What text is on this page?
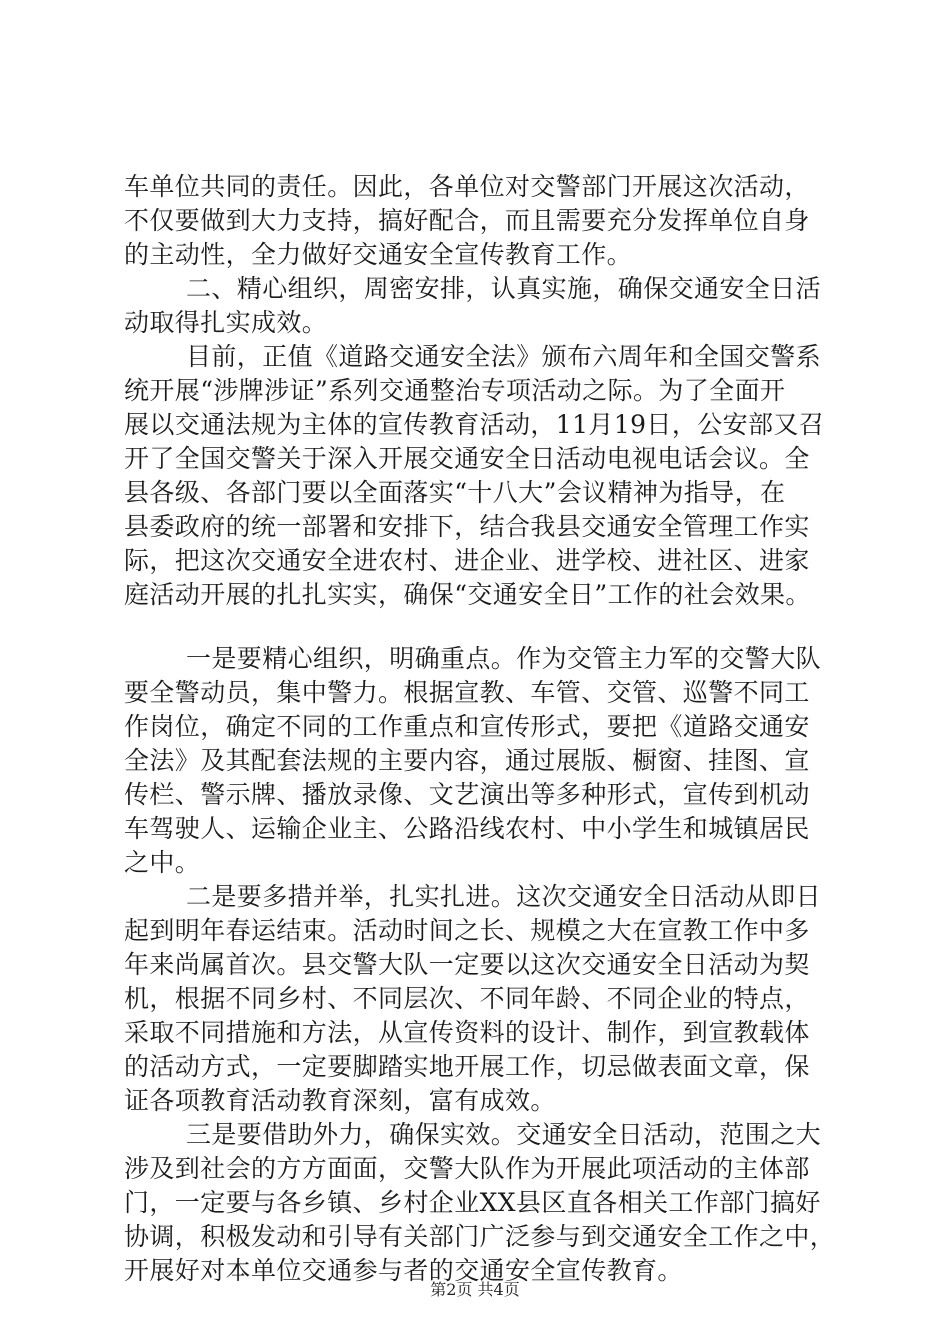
车单位共同的责任。因此，各单位对交警部门开展这次活动，
不仅要做到大力支持，搞好配合，而且需要充分发挥单位自身
的主动性，全力做好交通安全宣传教育工作。
二、精心组织，周密安排，认真实施，确保交通安全日活
动取得扎实成效。
目前，正值《道路交通安全法》颁布六周年和全国交警系
统开展“涉牌涉证”系列交通整治专项活动之际。为了全面开
展以交通法规为主体的宣传教育活动，11月19日，公安部又召
开了全国交警关于深入开展交通安全日活动电视电话会议。全
县各级、各部门要以全面落实“十八大”会议精神为指导，在
县委政府的统一部署和安排下，结合我县交通安全管理工作实
际，把这次交通安全进农村、进企业、进学校、进社区、进家
庭活动开展的扎扎实实，确保“交通安全日”工作的社会效果。
一是要精心组织，明确重点。作为交管主力军的交警大队
要全警动员，集中警力。根据宣教、车管、交管、巡警不同工
作岗位，确定不同的工作重点和宣传形式，要把《道路交通安
全法》及其配套法规的主要内容，通过展版、橱窗、挂图、宣
传栏、警示牌、播放录像、文艺演出等多种形式，宣传到机动
车驾驶人、运输企业主、公路沿线农村、中小学生和城镇居民
之中。
二是要多措并举，扎实扎进。这次交通安全日活动从即日
起到明年春运结束。活动时间之长、规模之大在宣教工作中多
年来尚属首次。县交警大队一定要以这次交通安全日活动为契
机，根据不同乡村、不同层次、不同年龄、不同企业的特点，
采取不同措施和方法，从宣传资料的设计、制作，到宣教载体
的活动方式，一定要脚踏实地开展工作，切忌做表面文章，保
证各项教育活动教育深刻，富有成效。
三是要借助外力，确保实效。交通安全日活动，范围之大
涉及到社会的方方面面，交警大队作为开展此项活动的主体部
门，一定要与各乡镇、乡村企业XX县区直各相关工作部门搞好
协调，积极发动和引导有关部门广泛参与到交通安全工作之中，
开展好对本单位交通参与者的交通安全宣传教育。
第2页 共4页
